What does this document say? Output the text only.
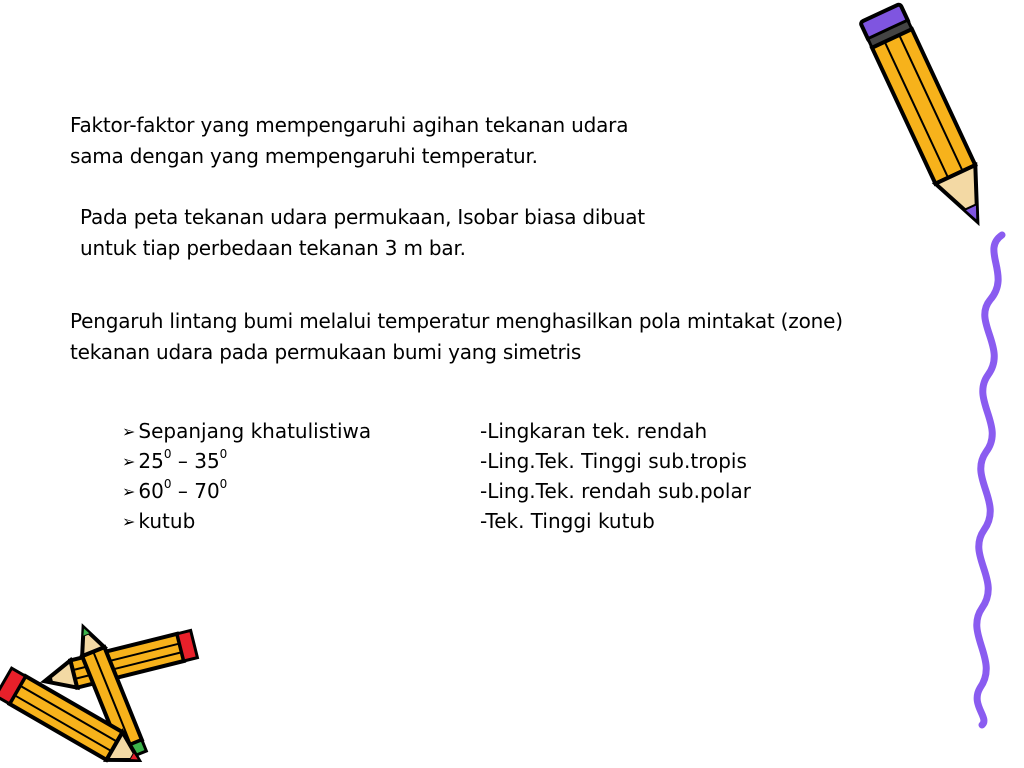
Faktor-faktor yang mempengaruhi agihan tekanan udara
sama dengan yang mempengaruhi temperatur.
Pada peta tekanan udara permukaan, Isobar biasa dibuat
untuk tiap perbedaan tekanan 3 m bar.
Pengaruh lintang bumi melalui temperatur menghasilkan pola mintakat (zone)
tekanan udara pada permukaan bumi yang simetris
➢ Sepanjang khatulistiwa	-Lingkaran tek. rendah
➢ $25^0 - 35^0$	-Ling.Tek. Tinggi sub.tropis
➢ $60^0 - 70^0$	-Ling.Tek. rendah sub.polar
➢ kutub	-Tek. Tinggi kutub
